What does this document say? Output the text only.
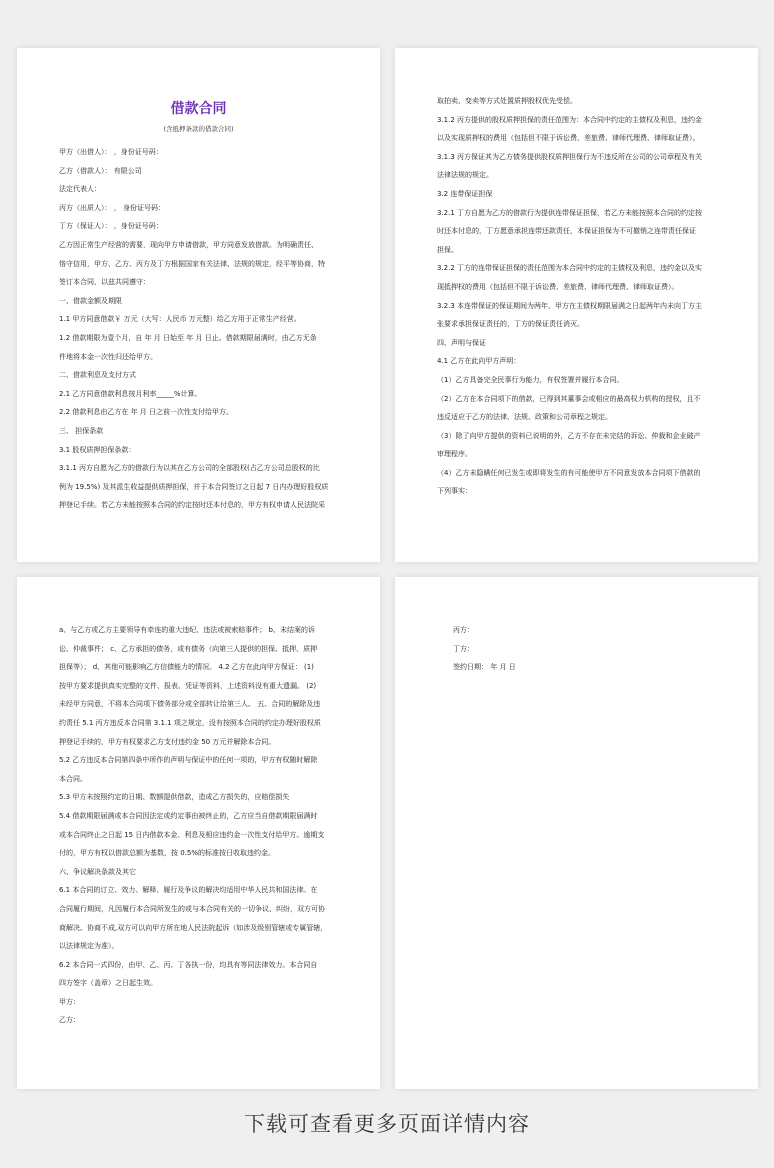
借款合同
(含抵押条款的借款合同)
甲方（出借人）： ，身份证号码：
乙方（借款人）： 有限公司
法定代表人：
丙方（出质人）： ， 身份证号码：
丁方（保证人）： ，身份证号码：
乙方因正常生产经营的需要，现向甲方申请借款，甲方同意发放借款。为明确责任、
恪守信用，甲方、乙方、丙方及丁方根据国家有关法律、法规的规定，经平等协商，特
签订本合同，以兹共同遵守：
一、借款金额及期限
1.1 甲方同意借款￥ 万元（大写：人民币 万元整）给乙方用于正常生产经营。
1.2 借款期限为壹个月，自 年 月 日始至 年 月 日止。借款期限届满时，由乙方无条
件地将本金一次性归还给甲方。
二、借款利息及支付方式
2.1 乙方同意借款利息按月利率_____%计算。
2.2 借款利息由乙方在 年 月 日之前一次性支付给甲方。
三、 担保条款
3.1 股权质押担保条款：
3.1.1 丙方自愿为乙方的借款行为以其在乙方公司的全部股权(占乙方公司总股权的比
例为 19.5%) 及其派生收益提供质押担保，并于本合同签订之日起 7 日内办理好股权质
押登记手续。若乙方未能按照本合同的约定按时还本付息的，甲方有权申请人民法院采
取拍卖、变卖等方式处置质押股权优先受偿。
3.1.2 丙方提供的股权质押担保的责任范围为：本合同中约定的主债权及利息，违约金
以及实现质押权的费用（包括但不限于诉讼费、差旅费、律师代理费、律师取证费）。
3.1.3 丙方保证其为乙方债务提供股权质押担保行为不违反所在公司的公司章程及有关
法律法规的规定。
3.2 连带保证担保
3.2.1 丁方自愿为乙方的借款行为提供连带保证担保，若乙方未能按照本合同的约定按
时还本付息的，丁方愿意承担连带还款责任，本保证担保为不可撤销之连带责任保证
担保。
3.2.2 丁方的连带保证担保的责任范围为本合同中约定的主债权及利息，违约金以及实
现抵押权的费用（包括但不限于诉讼费、差旅费、律师代理费、律师取证费）。
3.2.3 本连带保证的保证期间为两年，甲方在主债权期限届满之日起两年内未向丁方主
张要求承担保证责任的，丁方的保证责任消灭。
四、声明与保证
4.1 乙方在此向甲方声明：
（1）乙方具备完全民事行为能力，有权签署并履行本合同。
（2）乙方在本合同项下的借款，已得到其董事会或相应的最高权力机构的授权，且不
违反适应于乙方的法律、法规、政策和公司章程之规定。
（3）除了向甲方提供的资料已说明的外，乙方不存在未完结的诉讼、仲裁和企业破产
审理程序。
（4）乙方未隐瞒任何已发生或即将发生的有可能使甲方不同意发放本合同项下借款的
下列事实：
a、与乙方或乙方主要领导有牵连的重大违纪、违法或被索赔事件； b、未结案的诉
讼、仲裁事件； c、乙方承担的债务，或有债务（向第三人提供的担保、抵押、质押
担保等）； d、其他可能影响乙方信债能力的情况。 4.2 乙方在此向甲方保证： (1)
按甲方要求提供真实完整的文件、报表、凭证等资料，上述资料没有重大遗漏。 (2)
未经甲方同意，不将本合同项下债务部分或全部转让给第三人。 五、合同的解除及违
约责任 5.1 丙方违反本合同第 3.1.1 项之规定，没有按照本合同的约定办理好股权质
押登记手续的，甲方有权要求乙方支付违约金 50 万元并解除本合同。
5.2 乙方违反本合同第四条中所作的声明与保证中的任何一项的，甲方有权随时解除
本合同。
5.3 甲方未按照约定的日期、数额提供借款，造成乙方损失的，应赔偿损失
5.4 借款期限届满或本合同因法定或约定事由被终止的，乙方应当自借款期限届满时
或本合同终止之日起 15 日内借款本金、利息及相应违约金一次性支付给甲方。逾期支
付的，甲方有权以借款总额为基数，按 0.5%的标准按日收取违约金。
六、争议解决条款及其它
6.1 本合同的订立、效力、解释、履行及争议的解决均适用中华人民共和国法律。在
合同履行期间，凡因履行本合同所发生的或与本合同有关的一切争议、纠纷，双方可协
商解决。协商不成,双方可以向甲方所在地人民法院起诉（如涉及级别管辖或专属管辖，
以法律规定为准）。
6.2 本合同一式四份，由甲、乙、丙、丁各执一份，均具有等同法律效力。本合同自
四方签字（盖章）之日起生效。
甲方：
乙方：
丙方：
丁方：
签约日期： 年 月 日
下载可查看更多页面详情内容
